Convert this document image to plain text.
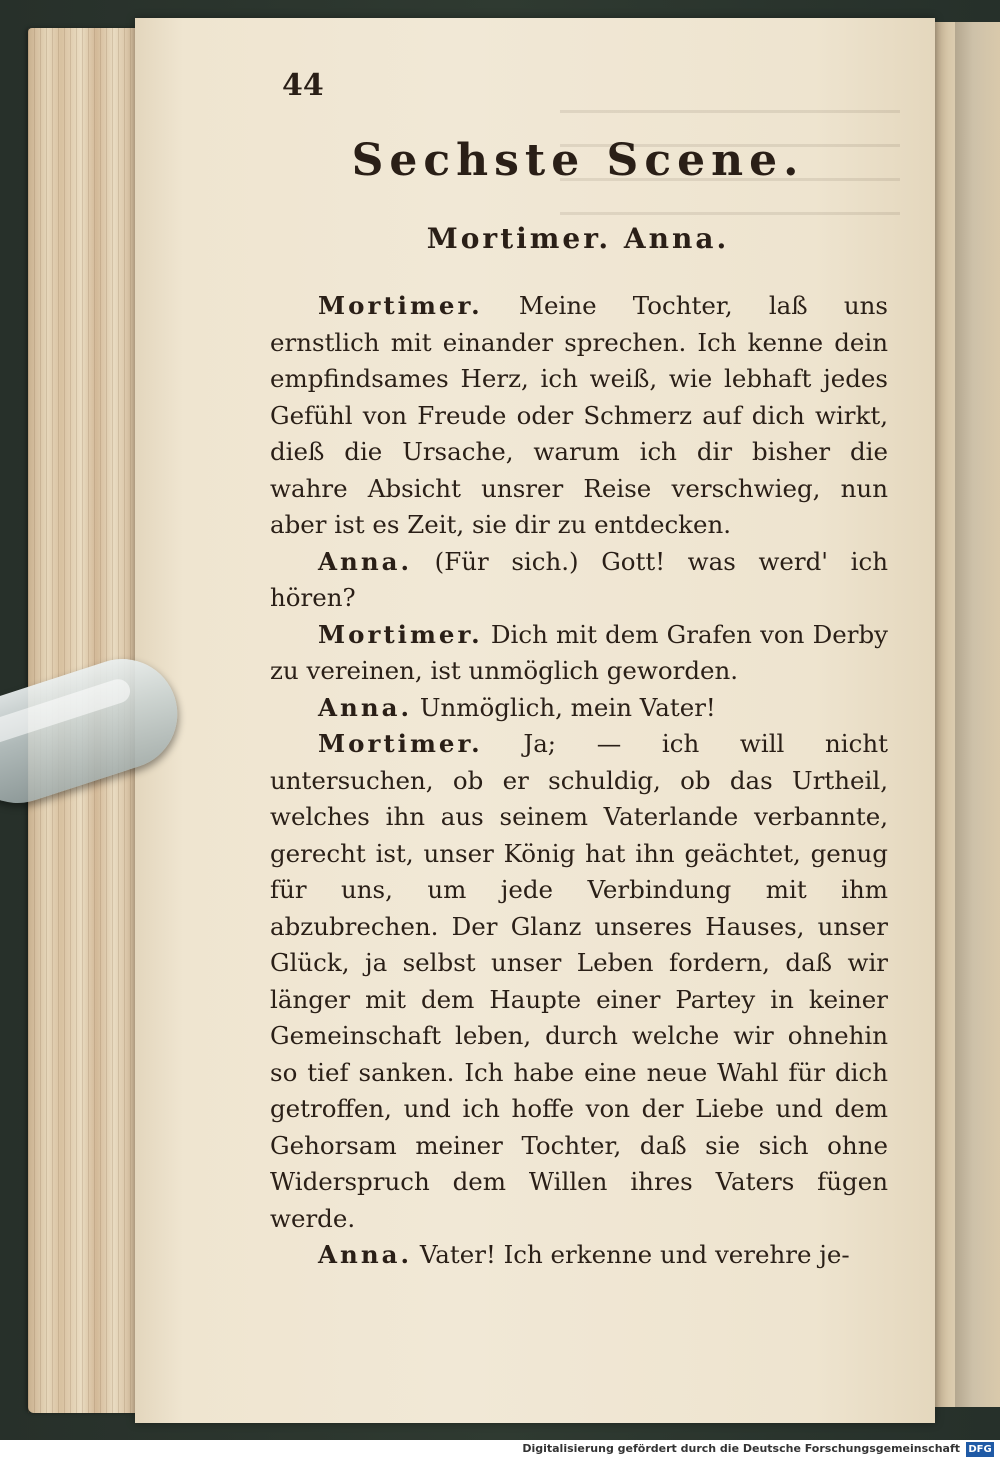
44

Sechste Scene.
Mortimer. Anna.

Mortimer. Meine Tochter, laß uns ernstlich mit einander sprechen. Ich kenne dein empfindsames Herz, ich weiß, wie lebhaft jedes Gefühl von Freude oder Schmerz auf dich wirkt, dieß die Ursache, warum ich dir bisher die wahre Absicht unsrer Reise verschwieg, nun aber ist es Zeit, sie dir zu entdecken.

Anna. (Für sich.) Gott! was werd' ich hören?

Mortimer. Dich mit dem Grafen von Derby zu vereinen, ist unmöglich geworden.

Anna. Unmöglich, mein Vater!

Mortimer. Ja; — ich will nicht untersuchen, ob er schuldig, ob das Urtheil, welches ihn aus seinem Vaterlande verbannte, gerecht ist, unser König hat ihn geächtet, genug für uns, um jede Verbindung mit ihm abzubrechen. Der Glanz unseres Hauses, unser Glück, ja selbst unser Leben fordern, daß wir länger mit dem Haupte einer Partey in keiner Gemeinschaft leben, durch welche wir ohnehin so tief sanken. Ich habe eine neue Wahl für dich getroffen, und ich hoffe von der Liebe und dem Gehorsam meiner Tochter, daß sie sich ohne Widerspruch dem Willen ihres Vaters fügen werde.

Anna. Vater! Ich erkenne und verehre je-

Digitalisierung gefördert durch die Deutsche Forschungsgemeinschaft DFG
